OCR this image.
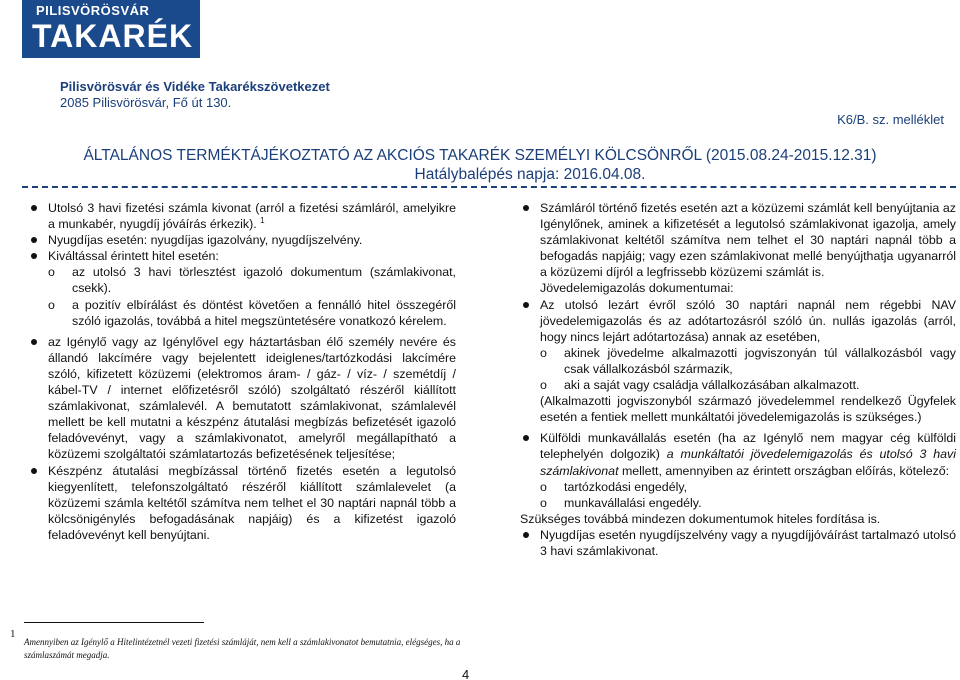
PILISVÖRÖSVÁR
TAKARÉK
Pilisvörösvár és Vidéke Takarékszövetkezet
2085 Pilisvörösvár, Fő út 130.
K6/B. sz. melléklet
ÁLTALÁNOS TERMÉKTÁJÉKOZTATÓ AZ AKCIÓS TAKARÉK SZEMÉLYI KÖLCSÖNRŐL (2015.08.24-2015.12.31)
Hatálybalépés napja: 2016.04.08.
Utolsó 3 havi fizetési számla kivonat (arról a fizetési számláról, amelyikre a munkabér, nyugdíj jóváírás érkezik). $^1$
Nyugdíjas esetén: nyugdíjas igazolvány, nyugdíjszelvény.
Kiváltással érintett hitel esetén:
o az utolsó 3 havi törlesztést igazoló dokumentum (számlakivonat, csekk).
o a pozitív elbírálást és döntést követően a fennálló hitel összegéről szóló igazolás, továbbá a hitel megszüntetésére vonatkozó kérelem.
az Igénylő vagy az Igénylővel egy háztartásban élő személy nevére és állandó lakcímére vagy bejelentett ideiglenes/tartózkodási lakcímére szóló, kifizetett közüzemi (elektromos áram- / gáz- / víz- / szemétdíj / kábel-TV / internet előfizetésről szóló) szolgáltató részéről kiállított számlakivonat, számlalevél. A bemutatott számlakivonat, számlalevél mellett be kell mutatni a készpénz átutalási megbízás befizetését igazoló feladóvevényt, vagy a számlakivonatot, amelyről megállapítható a közüzemi szolgáltatói számlatartozás befizetésének teljesítése;
Készpénz átutalási megbízással történő fizetés esetén a legutolsó kiegyenlített, telefonszolgáltató részéről kiállított számlalevelet (a közüzemi számla keltétől számítva nem telhet el 30 naptári napnál több a kölcsönigénylés befogadásának napjáig) és a kifizetést igazoló feladóvevényt kell benyújtani.
Számláról történő fizetés esetén azt a közüzemi számlát kell benyújtania az Igénylőnek, aminek a kifizetését a legutolsó számlakivonat igazolja, amely számlakivonat keltétől számítva nem telhet el 30 naptári napnál több a befogadás napjáig; vagy ezen számlakivonat mellé benyújthatja ugyanarról a közüzemi díjról a legfrissebb közüzemi számlát is.
Jövedelemigazolás dokumentumai:
Az utolsó lezárt évről szóló 30 naptári napnál nem régebbi NAV jövedelemigazolás és az adótartozásról szóló ún. nullás igazolás (arról, hogy nincs lejárt adótartozása) annak az esetében,
o akinek jövedelme alkalmazotti jogviszonyán túl vállalkozásból vagy csak vállalkozásból származik,
o aki a saját vagy családja vállalkozásában alkalmazott.
(Alkalmazotti jogviszonyból származó jövedelemmel rendelkező Ügyfelek esetén a fentiek mellett munkáltatói jövedelemigazolás is szükséges.)
Külföldi munkavállalás esetén (ha az Igénylő nem magyar cég külföldi telephelyén dolgozik) a munkáltatói jövedelemigazolás és utolsó 3 havi számlakivonat mellett, amennyiben az érintett országban előírás, kötelező:
o tartózkodási engedély,
o munkavállalási engedély.
Szükséges továbbá mindezen dokumentumok hiteles fordítása is.
Nyugdíjas esetén nyugdíjszelvény vagy a nyugdíjjóváírást tartalmazó utolsó 3 havi számlakivonat.
1
Amennyiben az Igénylő a Hitelintézetnél vezeti fizetési számláját, nem kell a számlakivonatot bemutatnia, elégséges, ha a számlaszámát megadja.
4
